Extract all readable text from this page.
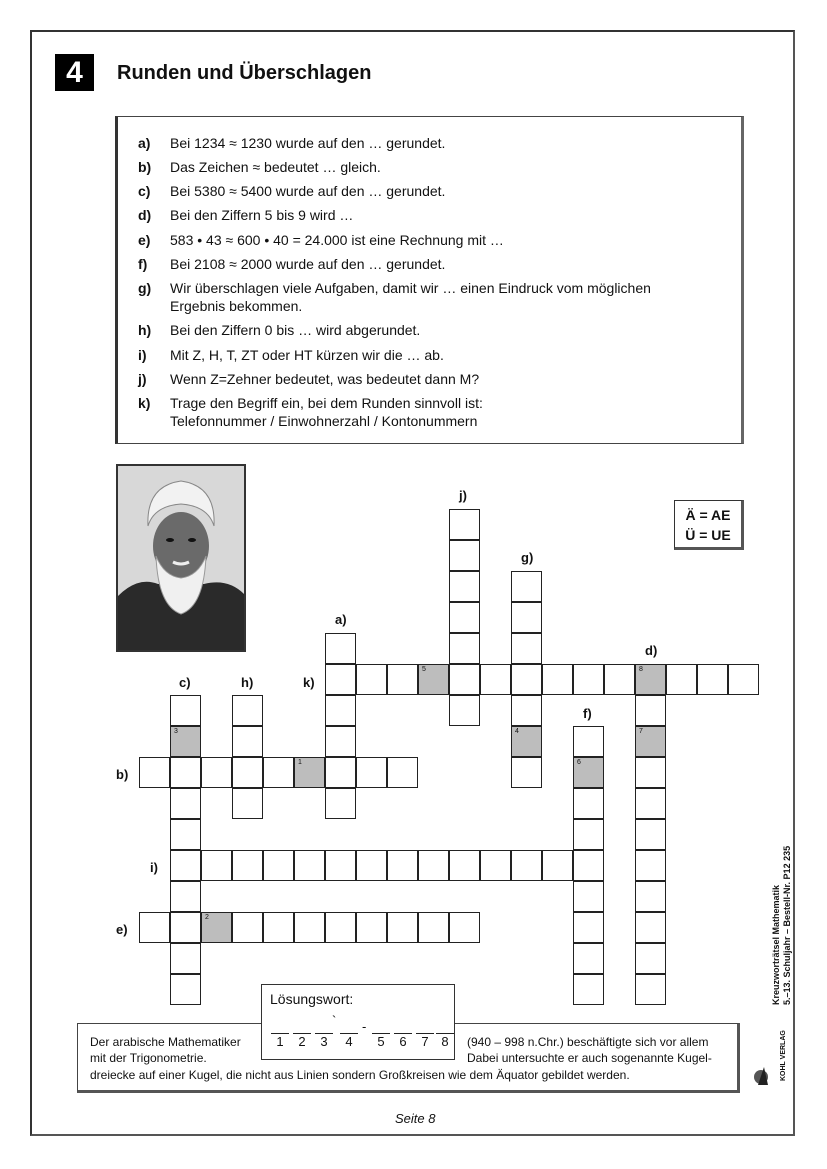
4	Runden und Überschlagen
a) Bei 1234 ≈ 1230 wurde auf den … gerundet.
b) Das Zeichen ≈ bedeutet … gleich.
c) Bei 5380 ≈ 5400 wurde auf den … gerundet.
d) Bei den Ziffern 5 bis 9 wird …
e) 583 • 43 ≈ 600 • 40 = 24.000 ist eine Rechnung mit …
f) Bei 2108 ≈ 2000 wurde auf den … gerundet.
g) Wir überschlagen viele Aufgaben, damit wir … einen Eindruck vom möglichen
Ergebnis bekommen.
h) Bei den Ziffern 0 bis … wird abgerundet.
i) Mit Z, H, T, ZT oder HT kürzen wir die … ab.
j) Wenn Z=Zehner bedeutet, was bedeutet dann M?
k) Trage den Begriff ein, bei dem Runden sinnvoll ist:
Telefonnummer / Einwohnerzahl / Kontonummern
Ä = AE
Ü = UE
j)
g)
a)
d)
c)	h)	k)
f)
b)
i)
e)
4
8
7
3
5
6
1
2
Lösungswort:
1	2	3
`
4
-
5	6	7 8
Der arabische Mathematiker	(940 – 998 n.Chr.) beschäftigte sich vor allem
mit der Trigonometrie.	Dabei untersuchte er auch sogenannte Kugel-
dreiecke auf einer Kugel, die nicht aus Linien sondern Großkreisen wie dem Äquator gebildet werden.
Seite 8
Kreuzworträtsel Mathematik 5.–13. Schuljahr – Bestell-Nr. P12 235
KOHL VERLAG
